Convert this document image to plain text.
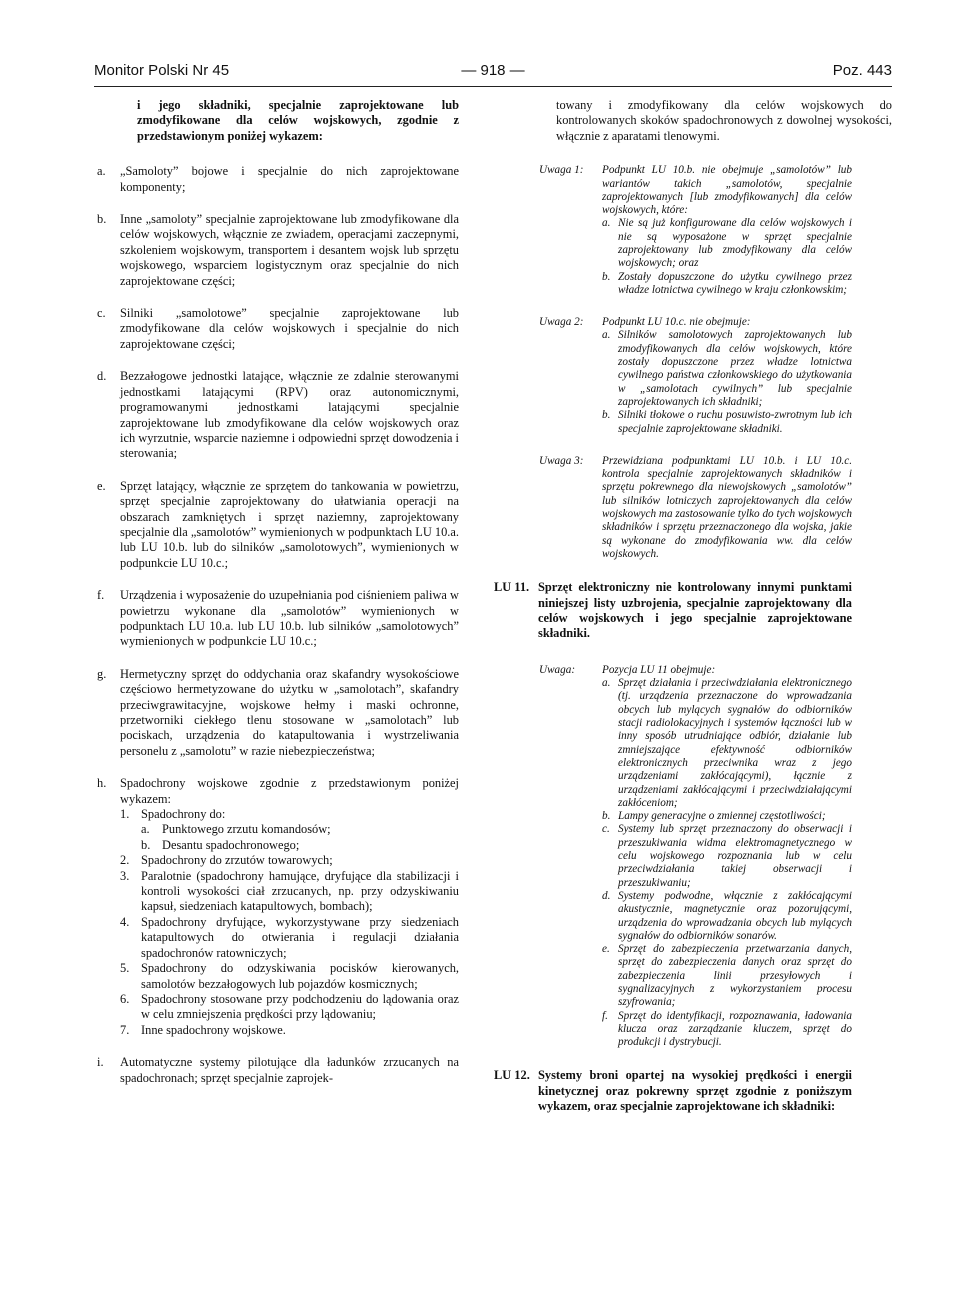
Monitor Polski Nr 45	— 918 —	Poz. 443
i jego składniki, specjalnie zaprojektowane lub zmodyfikowane dla celów wojskowych, zgodnie z przedstawionym poniżej wykazem:
a.	„Samoloty” bojowe i specjalnie do nich zaprojektowane komponenty;
b.	Inne „samoloty” specjalnie zaprojektowane lub zmodyfikowane dla celów wojskowych, włącznie ze zwiadem, operacjami zaczepnymi, szkoleniem wojskowym, transportem i desantem wojsk lub sprzętu wojskowego, wsparciem logistycznym oraz specjalnie do nich zaprojektowane części;
c.	Silniki „samolotowe” specjalnie zaprojektowane lub zmodyfikowane dla celów wojskowych i specjalnie do nich zaprojektowane części;
d.	Bezzałogowe jednostki latające, włącznie ze zdalnie sterowanymi jednostkami latającymi (RPV) oraz autonomicznymi, programowanymi jednostkami latającymi specjalnie zaprojektowane lub zmodyfikowane dla celów wojskowych oraz ich wyrzutnie, wsparcie naziemne i odpowiedni sprzęt dowodzenia i sterowania;
e.	Sprzęt latający, włącznie ze sprzętem do tankowania w powietrzu, sprzęt specjalnie zaprojektowany do ułatwiania operacji na obszarach zamkniętych i sprzęt naziemny, zaprojektowany specjalnie dla „samolotów” wymienionych w podpunktach LU 10.a. lub LU 10.b. lub do silników „samolotowych”, wymienionych w podpunkcie LU 10.c.;
f.	Urządzenia i wyposażenie do uzupełniania pod ciśnieniem paliwa w powietrzu wykonane dla „samolotów” wymienionych w podpunktach LU 10.a. lub LU 10.b. lub silników „samolotowych” wymienionych w podpunkcie LU 10.c.;
g.	Hermetyczny sprzęt do oddychania oraz skafandry wysokościowe częściowo hermetyzowane do użytku w „samolotach”, skafandry przeciwgrawitacyjne, wojskowe hełmy i maski ochronne, przetworniki ciekłego tlenu stosowane w „samolotach” lub pociskach, urządzenia do katapultowania i wystrzeliwania personelu z „samolotu” w razie niebezpieczeństwa;
h.	Spadochrony wojskowe zgodnie z przedstawionym poniżej wykazem:
1. Spadochrony do:
a. Punktowego zrzutu komandosów;
b. Desantu spadochronowego;
2. Spadochrony do zrzutów towarowych;
3. Paralotnie (spadochrony hamujące, dryfujące dla stabilizacji i kontroli wysokości ciał zrzucanych, np. przy odzyskiwaniu kapsuł, siedzeniach katapultowych, bombach);
4. Spadochrony dryfujące, wykorzystywane przy siedzeniach katapultowych do otwierania i regulacji działania spadochronów ratowniczych;
5. Spadochrony do odzyskiwania pocisków kierowanych, samolotów bezzałogowych lub pojazdów kosmicznych;
6. Spadochrony stosowane przy podchodzeniu do lądowania oraz w celu zmniejszenia prędkości przy lądowaniu;
7. Inne spadochrony wojskowe.
i.	Automatyczne systemy pilotujące dla ładunków zrzucanych na spadochronach; sprzęt specjalnie zaprojek-
towany i zmodyfikowany dla celów wojskowych do kontrolowanych skoków spadochronowych z dowolnej wysokości, włącznie z aparatami tlenowymi.
Uwaga 1:	Podpunkt LU 10.b. nie obejmuje „samolotów” lub wariantów takich „samolotów, specjalnie zaprojektowanych [lub zmodyfikowanych] dla celów wojskowych, które:
a. Nie są już konfigurowane dla celów wojskowych i nie są wyposażone w sprzęt specjalnie zaprojektowany lub zmodyfikowany dla celów wojskowych; oraz
b. Zostały dopuszczone do użytku cywilnego przez władze lotnictwa cywilnego w kraju członkowskim;
Uwaga 2:	Podpunkt LU 10.c. nie obejmuje:
a. Silników samolotowych zaprojektowanych lub zmodyfikowanych dla celów wojskowych, które zostały dopuszczone przez władze lotnictwa cywilnego państwa członkowskiego do użytkowania w „samolotach cywilnych” lub specjalnie zaprojektowanych ich składniki;
b. Silniki tłokowe o ruchu posuwisto-zwrotnym lub ich specjalnie zaprojektowane składniki.
Uwaga 3:	Przewidziana podpunktami LU 10.b. i LU 10.c. kontrola specjalnie zaprojektowanych składników i sprzętu pokrewnego dla niewojskowych „samolotów” lub silników lotniczych zaprojektowanych dla celów wojskowych ma zastosowanie tylko do tych wojskowych składników i sprzętu przeznaczonego dla wojska, jakie są wykonane do zmodyfikowania ww. dla celów wojskowych.
LU 11. Sprzęt elektroniczny nie kontrolowany innymi punktami niniejszej listy uzbrojenia, specjalnie zaprojektowany dla celów wojskowych i jego specjalnie zaprojektowane składniki.
Uwaga:	Pozycja LU 11 obejmuje:
a. Sprzęt działania i przeciwdziałania elektronicznego (tj. urządzenia przeznaczone do wprowadzania obcych lub mylących sygnałów do odbiorników stacji radiolokacyjnych i systemów łączności lub w inny sposób utrudniające odbiór, działanie lub zmniejszające efektywność odbiorników elektronicznych przeciwnika wraz z jego urządzeniami zakłócającymi), łącznie z urządzeniami zakłócającymi i przeciwdziałającymi zakłóceniom;
b. Lampy generacyjne o zmiennej częstotliwości;
c. Systemy lub sprzęt przeznaczony do obserwacji i przeszukiwania widma elektromagnetycznego w celu wojskowego rozpoznania lub w celu przeciwdziałania takiej obserwacji i przeszukiwaniu;
d. Systemy podwodne, włącznie z zakłócającymi akustycznie, magnetycznie oraz pozorującymi, urządzenia do wprowadzania obcych lub mylących sygnałów do odbiorników sonarów.
e. Sprzęt do zabezpieczenia przetwarzania danych, sprzęt do zabezpieczenia danych oraz sprzęt do zabezpieczenia linii przesyłowych i sygnalizacyjnych z wykorzystaniem procesu szyfrowania;
f. Sprzęt do identyfikacji, rozpoznawania, ładowania klucza oraz zarządzanie kluczem, sprzęt do produkcji i dystrybucji.
LU 12. Systemy broni opartej na wysokiej prędkości i energii kinetycznej oraz pokrewny sprzęt zgodnie z poniższym wykazem, oraz specjalnie zaprojektowane ich składniki:
